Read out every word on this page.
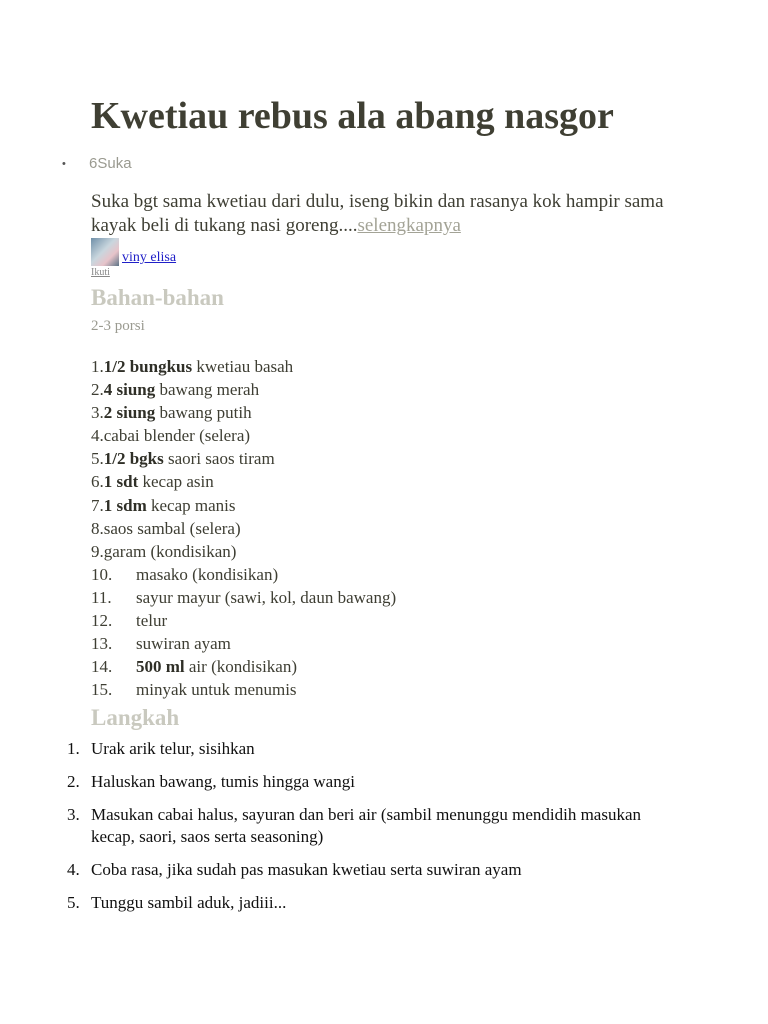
Kwetiau rebus ala abang nasgor
• 6Suka

Suka bgt sama kwetiau dari dulu, iseng bikin dan rasanya kok hampir sama kayak beli di tukang nasi goreng....selengkapnya

viny elisa
Ikuti
Bahan-bahan
2-3 porsi
1.1/2 bungkus kwetiau basah
2.4 siung bawang merah
3.2 siung bawang putih
4.cabai blender (selera)
5.1/2 bgks saori saos tiram
6.1 sdt kecap asin
7.1 sdm kecap manis
8.saos sambal (selera)
9.garam (kondisikan)
10. masako (kondisikan)
11. sayur mayur (sawi, kol, daun bawang)
12. telur
13. suwiran ayam
14. 500 ml air (kondisikan)
15. minyak untuk menumis
Langkah
1. Urak arik telur, sisihkan
2. Haluskan bawang, tumis hingga wangi
3. Masukan cabai halus, sayuran dan beri air (sambil menunggu mendidih masukan kecap, saori, saos serta seasoning)
4. Coba rasa, jika sudah pas masukan kwetiau serta suwiran ayam
5. Tunggu sambil aduk, jadiii...
